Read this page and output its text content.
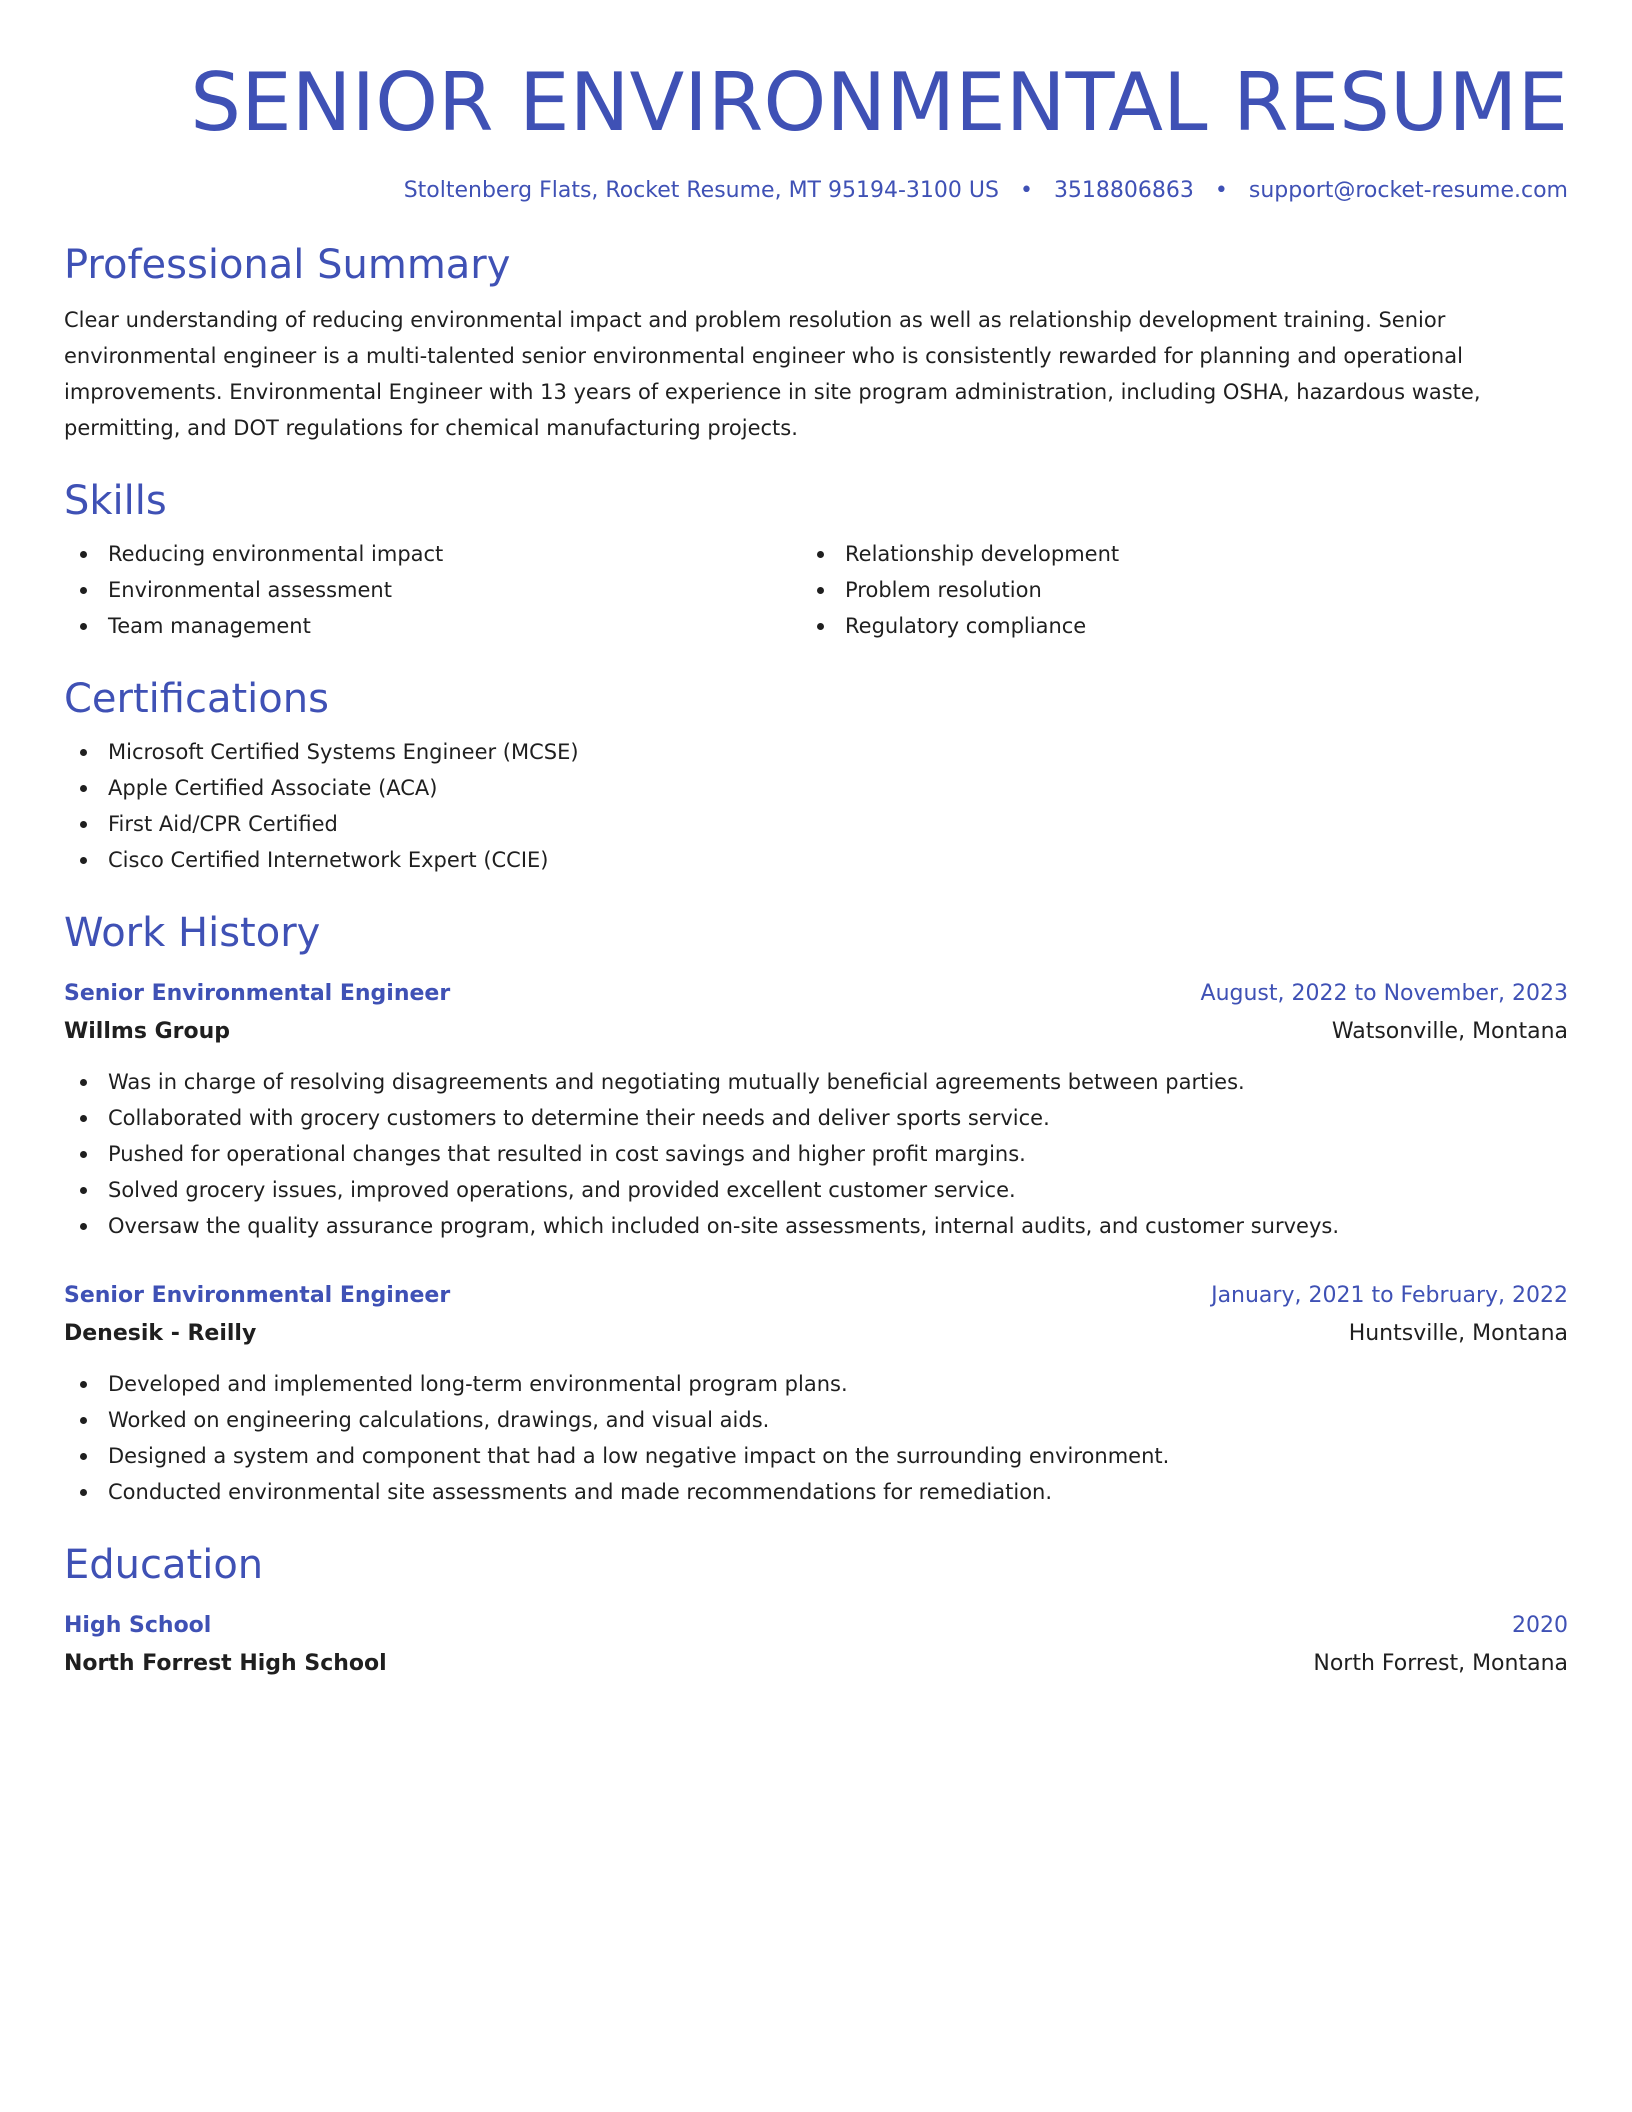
SENIOR ENVIRONMENTAL RESUME
Stoltenberg Flats, Rocket Resume, MT 95194-3100 US • 3518806863 • support@rocket-resume.com
Professional Summary

Clear understanding of reducing environmental impact and problem resolution as well as relationship development training. Senior environmental engineer is a multi-talented senior environmental engineer who is consistently rewarded for planning and operational improvements. Environmental Engineer with 13 years of experience in site program administration, including OSHA, hazardous waste, permitting, and DOT regulations for chemical manufacturing projects.

Skills
Reducing environmental impact
Environmental assessment
Team management
Relationship development
Problem resolution
Regulatory compliance
Certifications
Microsoft Certified Systems Engineer (MCSE)
Apple Certified Associate (ACA)
First Aid/CPR Certified
Cisco Certified Internetwork Expert (CCIE)
Work History
Senior Environmental Engineer	August, 2022 to November, 2023
Willms Group	Watsonville, Montana
Was in charge of resolving disagreements and negotiating mutually beneficial agreements between parties.
Collaborated with grocery customers to determine their needs and deliver sports service.
Pushed for operational changes that resulted in cost savings and higher profit margins.
Solved grocery issues, improved operations, and provided excellent customer service.
Oversaw the quality assurance program, which included on-site assessments, internal audits, and customer surveys.
Senior Environmental Engineer	January, 2021 to February, 2022
Denesik - Reilly	Huntsville, Montana
Developed and implemented long-term environmental program plans.
Worked on engineering calculations, drawings, and visual aids.
Designed a system and component that had a low negative impact on the surrounding environment.
Conducted environmental site assessments and made recommendations for remediation.
Education
High School	2020
North Forrest High School	North Forrest, Montana
